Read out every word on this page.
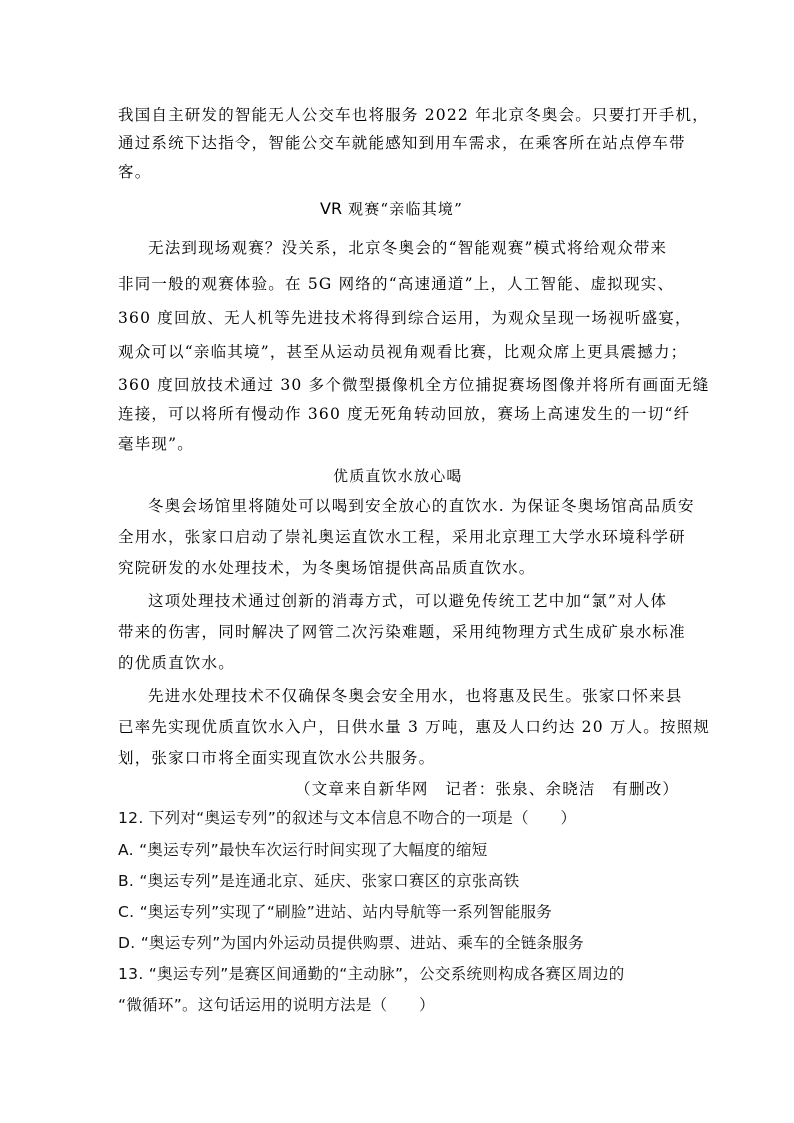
我国自主研发的智能无人公交车也将服务 2022 年北京冬奥会。只要打开手机，
通过系统下达指令，智能公交车就能感知到用车需求，在乘客所在站点停车带
客。
VR 观赛“亲临其境”
无法到现场观赛？没关系，北京冬奥会的“智能观赛”模式将给观众带来
非同一般的观赛体验。在 5G 网络的“高速通道”上，人工智能、虚拟现实、
360 度回放、无人机等先进技术将得到综合运用，为观众呈现一场视听盛宴，
观众可以“亲临其境”，甚至从运动员视角观看比赛，比观众席上更具震撼力；
360 度回放技术通过 30 多个微型摄像机全方位捕捉赛场图像并将所有画面无缝
连接，可以将所有慢动作 360 度无死角转动回放，赛场上高速发生的一切“纤
毫毕现”。
优质直饮水放心喝
冬奥会场馆里将随处可以喝到安全放心的直饮水. 为保证冬奥场馆高品质安
全用水，张家口启动了崇礼奥运直饮水工程，采用北京理工大学水环境科学研
究院研发的水处理技术，为冬奥场馆提供高品质直饮水。
这项处理技术通过创新的消毒方式，可以避免传统工艺中加“氯”对人体
带来的伤害，同时解决了网管二次污染难题，采用纯物理方式生成矿泉水标准
的优质直饮水。
先进水处理技术不仅确保冬奥会安全用水，也将惠及民生。张家口怀来县
已率先实现优质直饮水入户，日供水量 3 万吨，惠及人口约达 20 万人。按照规
划，张家口市将全面实现直饮水公共服务。
（文章来自新华网　记者：张泉、余晓洁　有删改）
12. 下列对“奥运专列”的叙述与文本信息不吻合的一项是（　　）
A. “奥运专列”最快车次运行时间实现了大幅度的缩短
B. “奥运专列”是连通北京、延庆、张家口赛区的京张高铁
C. “奥运专列”实现了“刷脸”进站、站内导航等一系列智能服务
D. “奥运专列”为国内外运动员提供购票、进站、乘车的全链条服务
13. “奥运专列”是赛区间通勤的“主动脉”，公交系统则构成各赛区周边的
“微循环”。这句话运用的说明方法是（　　）
